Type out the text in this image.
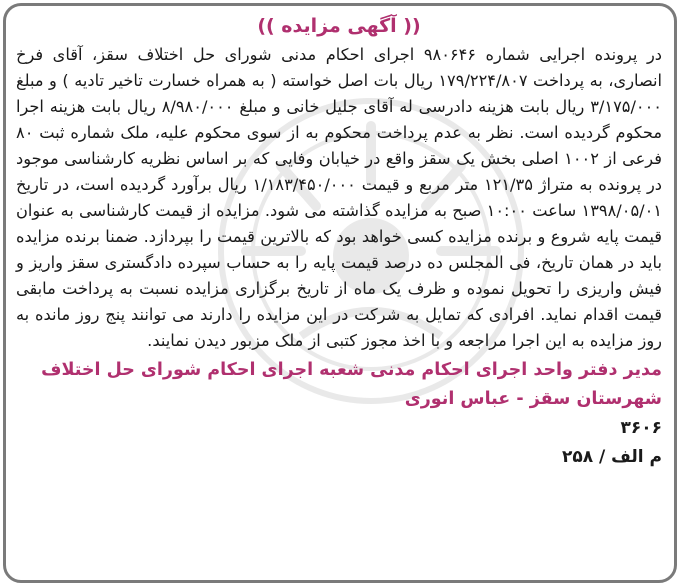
(( آگهی مزایده ))

در پرونده اجرایی شماره ۹۸۰۶۴۶ اجرای احکام مدنی شورای حل اختلاف سقز، آقای فرخ انصاری، به پرداخت ۱۷۹/۲۲۴/۸۰۷ ریال بات اصل خواسته ( به همراه خسارت تاخیر تادیه ) و مبلغ ۳/۱۷۵/۰۰۰ ریال بابت هزینه دادرسی له آقای جلیل خانی و مبلغ ۸/۹۸۰/۰۰۰ ریال بابت هزینه اجرا محکوم گردیده است. نظر به عدم پرداخت محکوم به از سوی محکوم علیه، ملک شماره ثبت ۸۰ فرعی از ۱۰۰۲ اصلی بخش یک سقز واقع در خیابان وفایی که بر اساس نظریه کارشناسی موجود در پرونده به متراژ ۱۲۱/۳۵ متر مربع و قیمت ۱/۱۸۳/۴۵۰/۰۰۰ ریال برآورد گردیده است، در تاریخ ۱۳۹۸/۰۵/۰۱ ساعت ۱۰:۰۰ صبح به مزایده گذاشته می شود. مزایده از قیمت کارشناسی به عنوان قیمت پایه شروع و برنده مزایده کسی خواهد بود که بالاترین قیمت را بپردازد. ضمنا برنده مزایده باید در همان تاریخ، فی المجلس ده درصد قیمت پایه را به حساب سپرده دادگستری سقز واریز و فیش واریزی را تحویل نموده و ظرف یک ماه از تاریخ برگزاری مزایده نسبت به پرداخت مابقی قیمت اقدام نماید. افرادی که تمایل به شرکت در این مزایده را دارند می توانند پنج روز مانده به روز مزایده به این اجرا مراجعه و با اخذ مجوز کتبی از ملک مزبور دیدن نمایند.

مدیر دفتر واحد اجرای احکام مدنی شعبه اجرای احکام شورای حل اختلاف
شهرستان سقز - عباس انوری
۳۶۰۶
م الف / ۲۵۸
